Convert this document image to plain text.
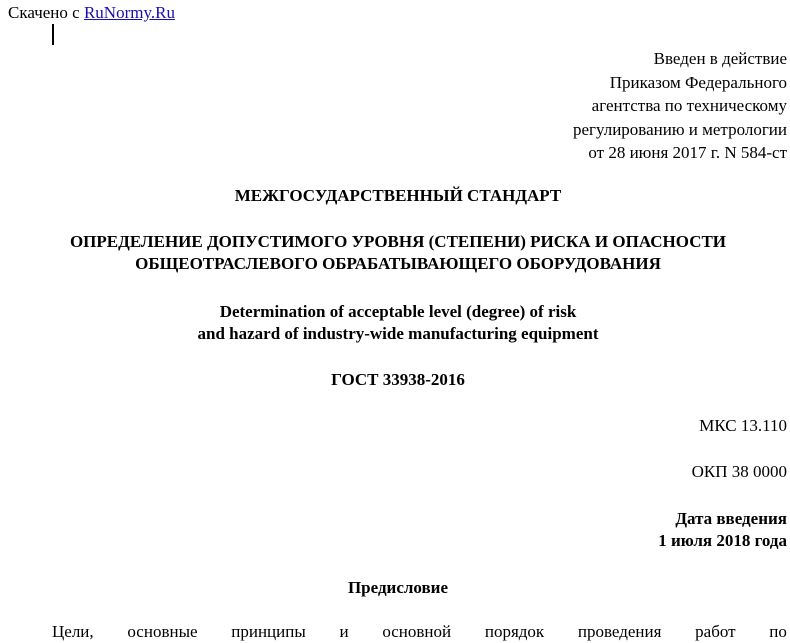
Скачено с RuNormy.Ru
Введен в действие
Приказом Федерального
агентства по техническому
регулированию и метрологии
от 28 июня 2017 г. N 584-ст
МЕЖГОСУДАРСТВЕННЫЙ СТАНДАРТ
ОПРЕДЕЛЕНИЕ ДОПУСТИМОГО УРОВНЯ (СТЕПЕНИ) РИСКА И ОПАСНОСТИ
ОБЩЕОТРАСЛЕВОГО ОБРАБАТЫВАЮЩЕГО ОБОРУДОВАНИЯ
Determination of acceptable level (degree) of risk
and hazard of industry-wide manufacturing equipment
ГОСТ 33938-2016
МКС 13.110
ОКП 38 0000
Дата введения
1 июля 2018 года
Предисловие
Цели, основные принципы и основной порядок проведения работ по
